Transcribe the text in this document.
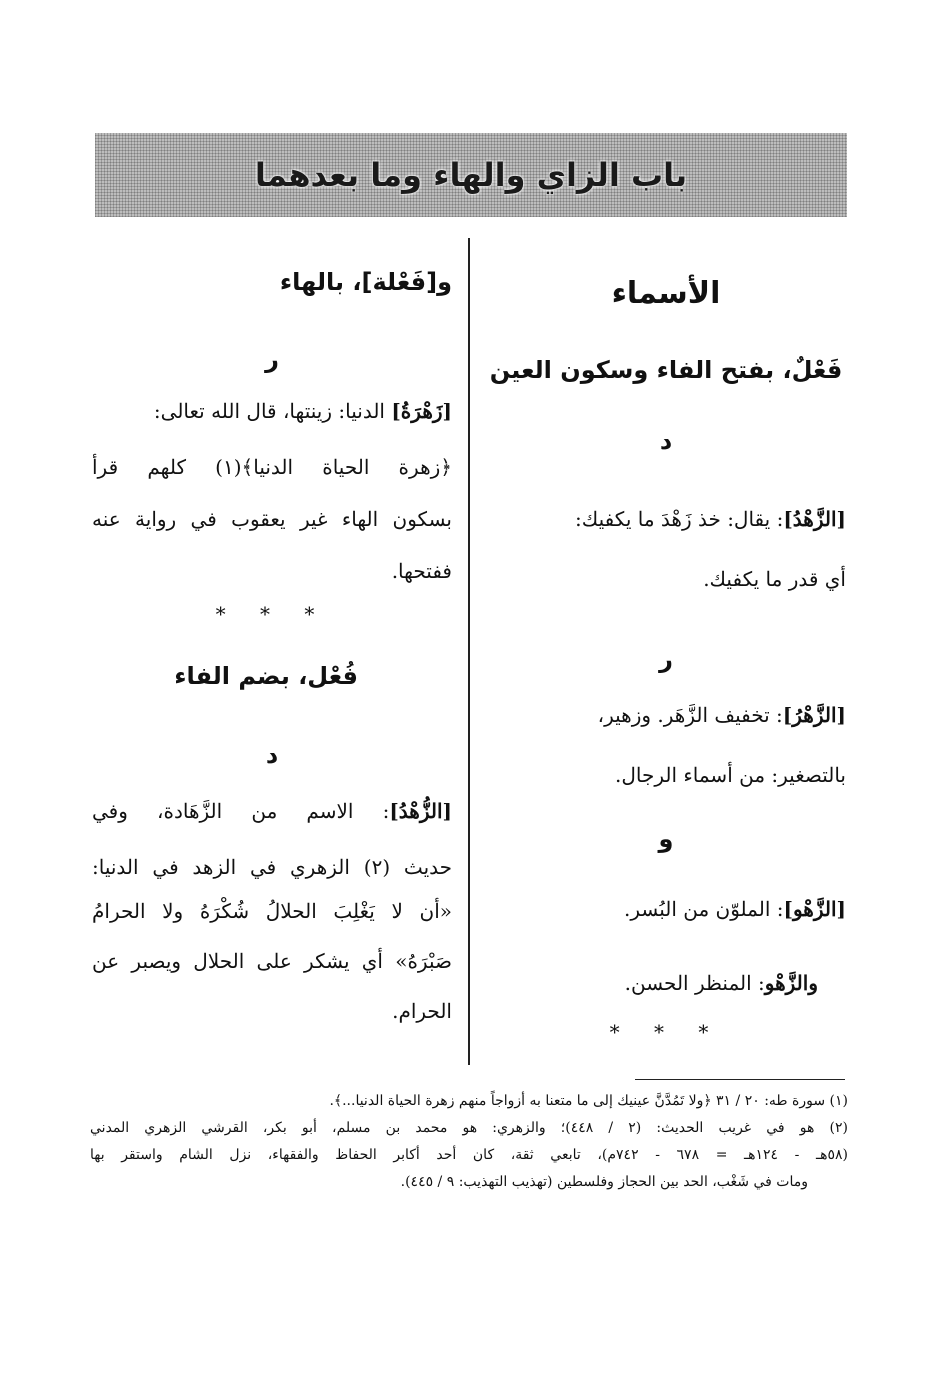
باب الزاي والهاء وما بعدهما
الأسماء
فَعْلٌ، بفتح الفاء وسكون العين
د
[الزَّهْدُ]: يقال: خذ زَهْدَ ما يكفيك:
أي قدر ما يكفيك.
ر
[الزَّهْرُ]: تخفيف الزَّهَر. وزهير،
بالتصغير: من أسماء الرجال.
و
[الزَّهْو]: الملوّن من البُسر.
والزَّهْو: المنظر الحسن.
* * *
و[فَعْلة]، بالهاء
ر
[زَهْرَةُ] الدنيا: زينتها، قال الله تعالى:
﴿زهرة الحياة الدنيا﴾(١) كلهم قرأ
بسكون الهاء غير يعقوب في رواية عنه
ففتحها.
* * *
فُعْل، بضم الفاء
د
[الزُّهْدُ]: الاسم من الزَّهَادة، وفي
حديث (٢) الزهري في الزهد في الدنيا:
«أن لا يَغْلِبَ الحلالُ شُكْرَهُ ولا الحرامُ
صَبْرَهُ» أي يشكر على الحلال ويصبر عن
الحرام.
(١) سورة طه: ٢٠ / ٣١ ﴿ولا تَمُدَّنَّ عينيك إلى ما متعنا به أزواجاً منهم زهرة الحياة الدنيا...﴾.
(٢) هو في غريب الحديث: (٢ / ٤٤٨)؛ والزهري: هو محمد بن مسلم، أبو بكر، القرشي الزهري المدني
(٥٨هـ - ١٢٤هـ = ٦٧٨ - ٧٤٢م)، تابعي ثقة، كان أحد أكابر الحفاظ والفقهاء، نزل الشام واستقر بها
ومات في شَغْب، الحد بين الحجاز وفلسطين (تهذيب التهذيب: ٩ / ٤٤٥).
